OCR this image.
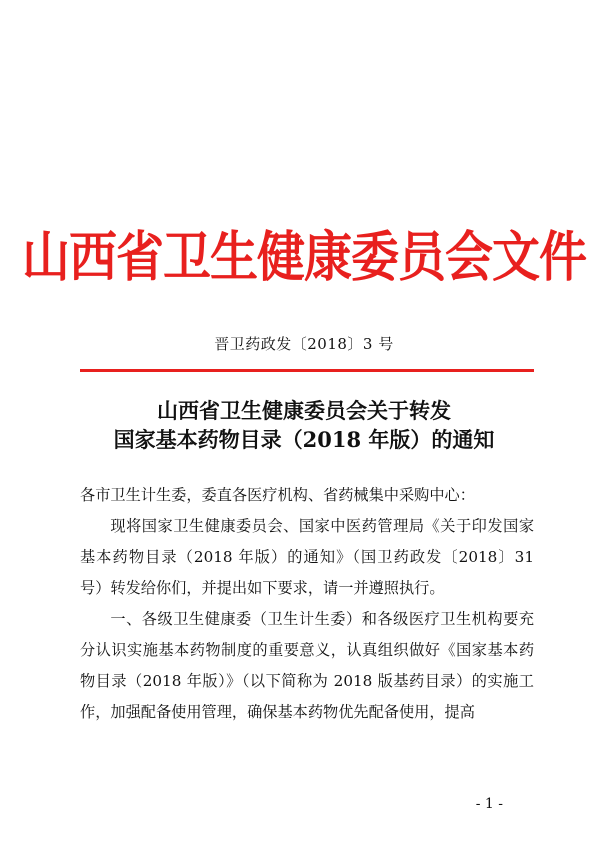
山西省卫生健康委员会文件
晋卫药政发〔2018〕3 号
山西省卫生健康委员会关于转发
国家基本药物目录（2018 年版）的通知
各市卫生计生委，委直各医疗机构、省药械集中采购中心：

现将国家卫生健康委员会、国家中医药管理局《关于印发国家基本药物目录（2018 年版）的通知》（国卫药政发〔2018〕31 号）转发给你们，并提出如下要求，请一并遵照执行。

一、各级卫生健康委（卫生计生委）和各级医疗卫生机构要充分认识实施基本药物制度的重要意义，认真组织做好《国家基本药物目录（2018 年版）》（以下简称为 2018 版基药目录）的实施工作，加强配备使用管理，确保基本药物优先配备使用，提高

- 1 -
